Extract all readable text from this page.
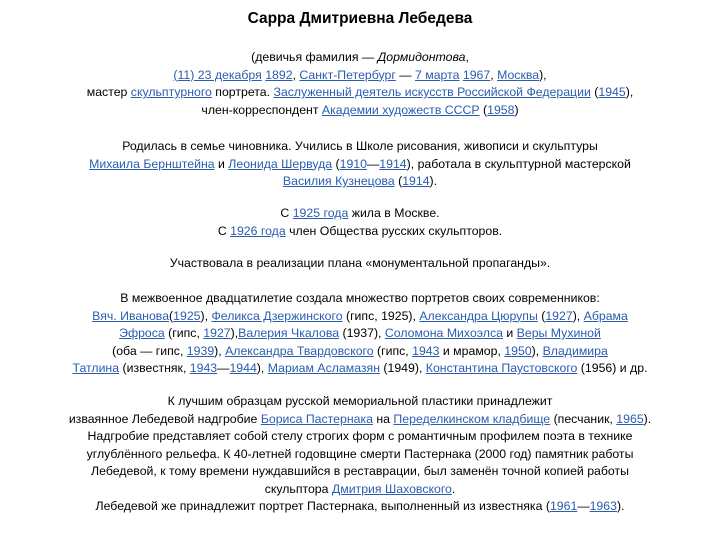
Сарра Дмитриевна Лебедева
(девичья фамилия — Дормидонтова,
(11) 23 декабря 1892, Санкт-Петербург — 7 марта 1967, Москва),
мастер скульптурного портрета. Заслуженный деятель искусств Российской Федерации (1945),
член-корреспондент Академии художеств СССР (1958)
Родилась в семье чиновника. Учились в Школе рисования, живописи и скульптуры
Михаила Бернштейна и Леонида Шервуда (1910—1914), работала в скульптурной мастерской
Василия Кузнецова (1914).
С 1925 года жила в Москве.
С 1926 года член Общества русских скульпторов.
Участвовала в реализации плана «монументальной пропаганды».
В межвоенное двадцатилетие создала множество портретов своих современников:
Вяч. Иванова(1925), Феликса Дзержинского (гипс, 1925), Александра Цюрупы (1927), Абрама
Эфроса (гипс, 1927),Валерия Чкалова (1937), Соломона Михоэлса и Веры Мухиной
(оба — гипс, 1939), Александра Твардовского (гипс, 1943 и мрамор, 1950), Владимира
Татлина (известняк, 1943—1944), Мариам Асламазян (1949), Константина Паустовского (1956) и др.
К лучшим образцам русской мемориальной пластики принадлежит
изваянное Лебедевой надгробие Бориса Пастернака на Переделкинском кладбище (песчаник, 1965).
Надгробие представляет собой стелу строгих форм с романтичным профилем поэта в технике
углублённого рельефа. К 40-летней годовщине смерти Пастернака (2000 год) памятник работы
Лебедевой, к тому времени нуждавшийся в реставрации, был заменён точной копией работы
скульптора Дмитрия Шаховского.
Лебедевой же принадлежит портрет Пастернака, выполненный из известняка (1961—1963).
